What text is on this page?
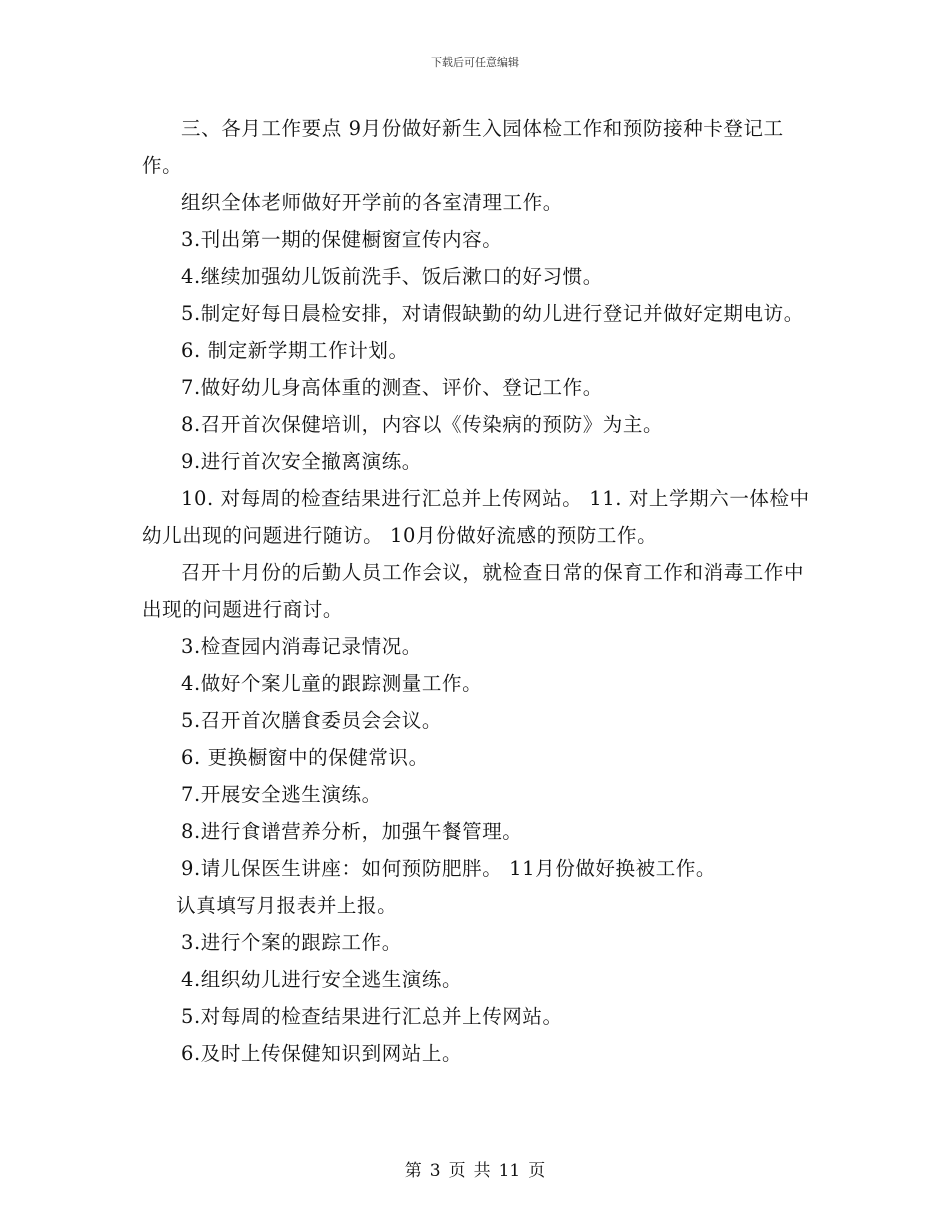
下载后可任意编辑

三、各月工作要点 9月份做好新生入园体检工作和预防接种卡登记工作。

组织全体老师做好开学前的各室清理工作。

3.刊出第一期的保健橱窗宣传内容。

4.继续加强幼儿饭前洗手、饭后漱口的好习惯。

5.制定好每日晨检安排，对请假缺勤的幼儿进行登记并做好定期电访。

6. 制定新学期工作计划。

7.做好幼儿身高体重的测查、评价、登记工作。

8.召开首次保健培训，内容以《传染病的预防》为主。

9.进行首次安全撤离演练。

10. 对每周的检查结果进行汇总并上传网站。 11. 对上学期六一体检中幼儿出现的问题进行随访。 10月份做好流感的预防工作。

召开十月份的后勤人员工作会议，就检查日常的保育工作和消毒工作中出现的问题进行商讨。

3.检查园内消毒记录情况。

4.做好个案儿童的跟踪测量工作。

5.召开首次膳食委员会会议。

6. 更换橱窗中的保健常识。

7.开展安全逃生演练。

8.进行食谱营养分析，加强午餐管理。

9.请儿保医生讲座：如何预防肥胖。 11月份做好换被工作。

认真填写月报表并上报。

3.进行个案的跟踪工作。

4.组织幼儿进行安全逃生演练。

5.对每周的检查结果进行汇总并上传网站。

6.及时上传保健知识到网站上。

第 3 页 共 11 页
